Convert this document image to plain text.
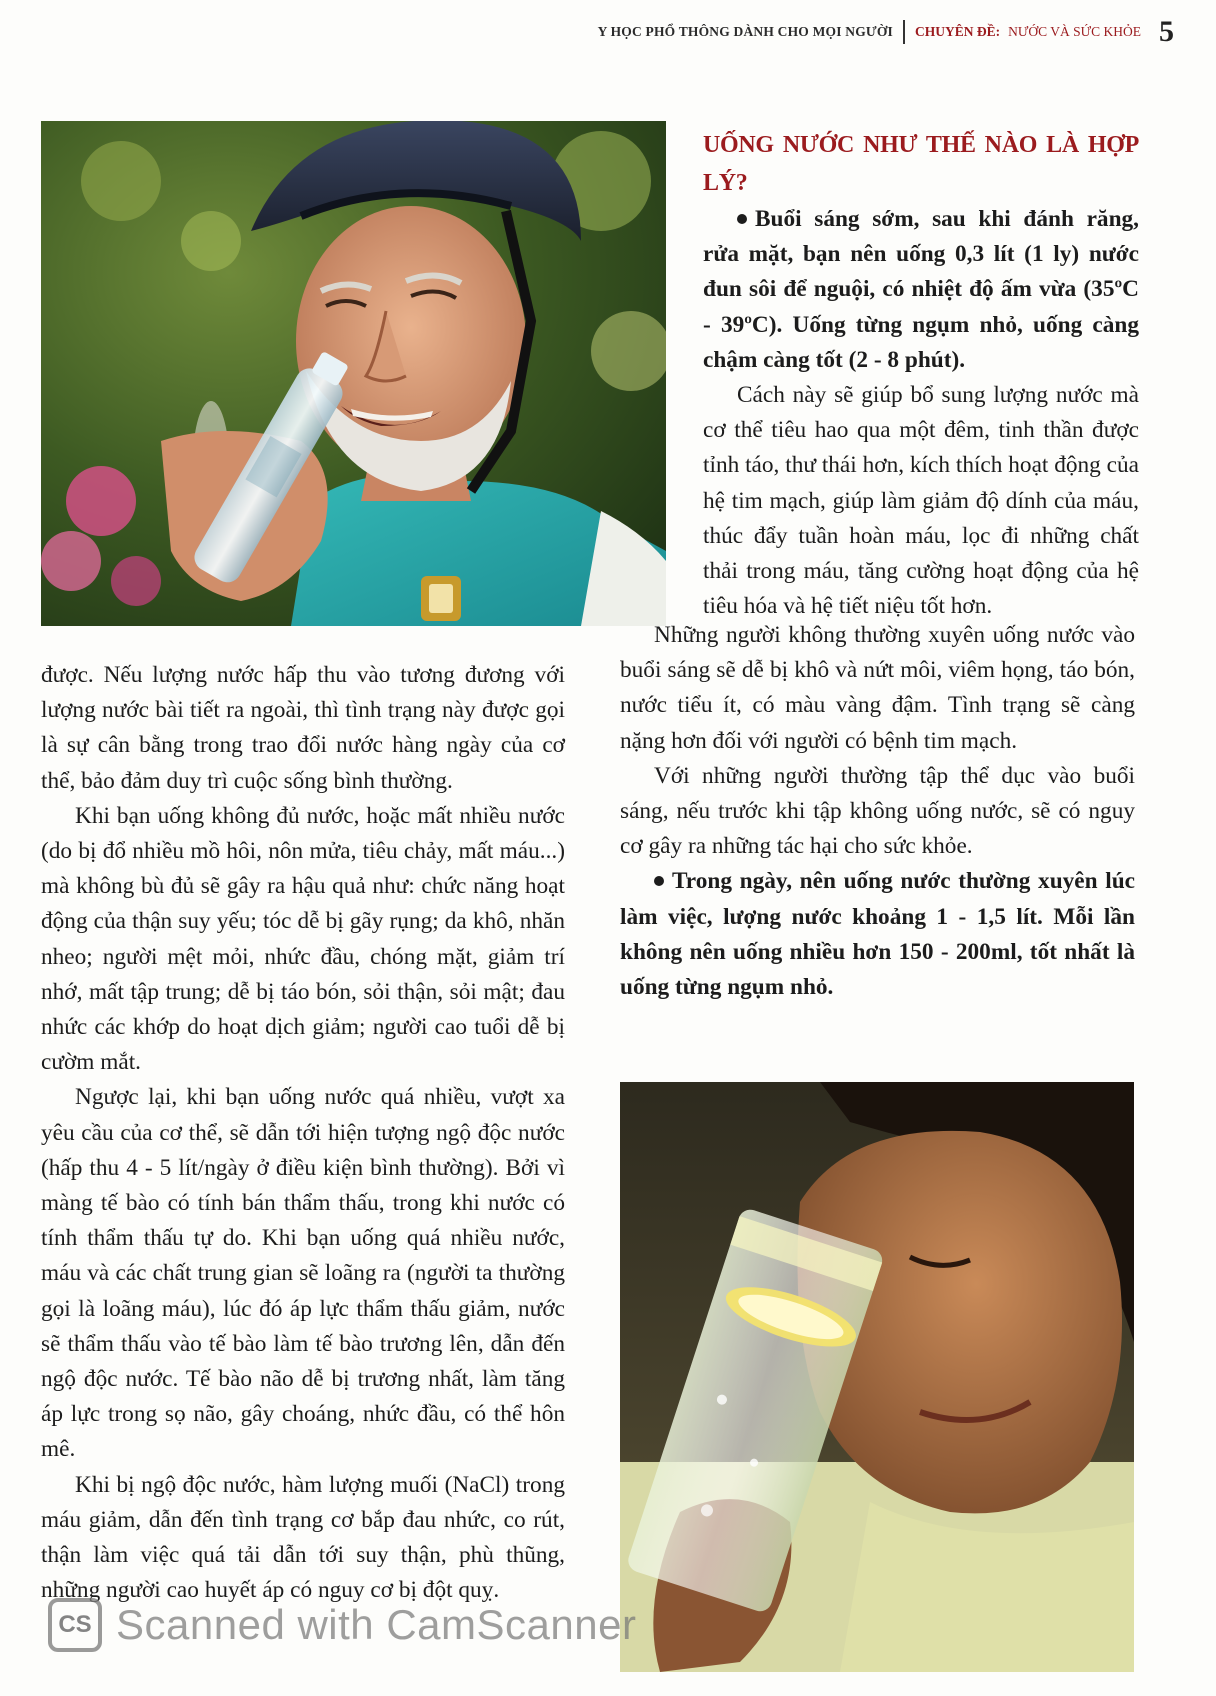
Y HỌC PHỔ THÔNG DÀNH CHO MỌI NGƯỜI CHUYÊN ĐỀ: NƯỚC VÀ SỨC KHỎE 5
UỐNG NƯỚC NHƯ THẾ NÀO LÀ HỢP LÝ?

Buổi sáng sớm, sau khi đánh răng, rửa mặt, bạn nên uống 0,3 lít (1 ly) nước đun sôi để nguội, có nhiệt độ ấm vừa (35ºC - 39ºC). Uống từng ngụm nhỏ, uống càng chậm càng tốt (2 - 8 phút).

Cách này sẽ giúp bổ sung lượng nước mà cơ thể tiêu hao qua một đêm, tinh thần được tỉnh táo, thư thái hơn, kích thích hoạt động của hệ tim mạch, giúp làm giảm độ dính của máu, thúc đẩy tuần hoàn máu, lọc đi những chất thải trong máu, tăng cường hoạt động của hệ tiêu hóa và hệ tiết niệu tốt hơn.

Những người không thường xuyên uống nước vào buổi sáng sẽ dễ bị khô và nứt môi, viêm họng, táo bón, nước tiểu ít, có màu vàng đậm. Tình trạng sẽ càng nặng hơn đối với người có bệnh tim mạch.

Với những người thường tập thể dục vào buổi sáng, nếu trước khi tập không uống nước, sẽ có nguy cơ gây ra những tác hại cho sức khỏe.

Trong ngày, nên uống nước thường xuyên lúc làm việc, lượng nước khoảng 1 - 1,5 lít. Mỗi lần không nên uống nhiều hơn 150 - 200ml, tốt nhất là uống từng ngụm nhỏ.

được. Nếu lượng nước hấp thu vào tương đương với lượng nước bài tiết ra ngoài, thì tình trạng này được gọi là sự cân bằng trong trao đổi nước hàng ngày của cơ thể, bảo đảm duy trì cuộc sống bình thường.

Khi bạn uống không đủ nước, hoặc mất nhiều nước (do bị đổ nhiều mồ hôi, nôn mửa, tiêu chảy, mất máu...) mà không bù đủ sẽ gây ra hậu quả như: chức năng hoạt động của thận suy yếu; tóc dễ bị gãy rụng; da khô, nhăn nheo; người mệt mỏi, nhức đầu, chóng mặt, giảm trí nhớ, mất tập trung; dễ bị táo bón, sỏi thận, sỏi mật; đau nhức các khớp do hoạt dịch giảm; người cao tuổi dễ bị cườm mắt.

Ngược lại, khi bạn uống nước quá nhiều, vượt xa yêu cầu của cơ thể, sẽ dẫn tới hiện tượng ngộ độc nước (hấp thu 4 - 5 lít/ngày ở điều kiện bình thường). Bởi vì màng tế bào có tính bán thẩm thấu, trong khi nước có tính thẩm thấu tự do. Khi bạn uống quá nhiều nước, máu và các chất trung gian sẽ loãng ra (người ta thường gọi là loãng máu), lúc đó áp lực thẩm thấu giảm, nước sẽ thẩm thấu vào tế bào làm tế bào trương lên, dẫn đến ngộ độc nước. Tế bào não dễ bị trương nhất, làm tăng áp lực trong sọ não, gây choáng, nhức đầu, có thể hôn mê.

Khi bị ngộ độc nước, hàm lượng muối (NaCl) trong máu giảm, dẫn đến tình trạng cơ bắp đau nhức, co rút, thận làm việc quá tải dẫn tới suy thận, phù thũng, những người cao huyết áp có nguy cơ bị đột quỵ.

CS Scanned with CamScanner
